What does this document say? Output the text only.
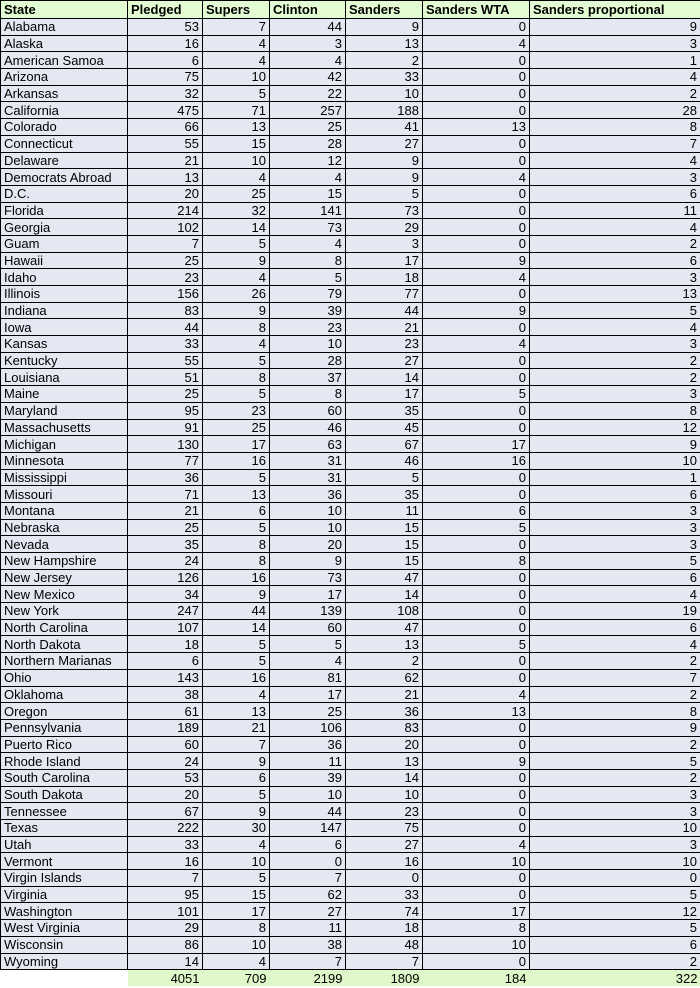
State	Pledged	Supers	Clinton	Sanders	Sanders WTA	Sanders proportional
Alabama	53	7	44	9	0	9
Alaska	16	4	3	13	4	3
American Samoa	6	4	4	2	0	1
Arizona	75	10	42	33	0	4
Arkansas	32	5	22	10	0	2
California	475	71	257	188	0	28
Colorado	66	13	25	41	13	8
Connecticut	55	15	28	27	0	7
Delaware	21	10	12	9	0	4
Democrats Abroad	13	4	4	9	4	3
D.C.	20	25	15	5	0	6
Florida	214	32	141	73	0	11
Georgia	102	14	73	29	0	4
Guam	7	5	4	3	0	2
Hawaii	25	9	8	17	9	6
Idaho	23	4	5	18	4	3
Illinois	156	26	79	77	0	13
Indiana	83	9	39	44	9	5
Iowa	44	8	23	21	0	4
Kansas	33	4	10	23	4	3
Kentucky	55	5	28	27	0	2
Louisiana	51	8	37	14	0	2
Maine	25	5	8	17	5	3
Maryland	95	23	60	35	0	8
Massachusetts	91	25	46	45	0	12
Michigan	130	17	63	67	17	9
Minnesota	77	16	31	46	16	10
Mississippi	36	5	31	5	0	1
Missouri	71	13	36	35	0	6
Montana	21	6	10	11	6	3
Nebraska	25	5	10	15	5	3
Nevada	35	8	20	15	0	3
New Hampshire	24	8	9	15	8	5
New Jersey	126	16	73	47	0	6
New Mexico	34	9	17	14	0	4
New York	247	44	139	108	0	19
North Carolina	107	14	60	47	0	6
North Dakota	18	5	5	13	5	4
Northern Marianas	6	5	4	2	0	2
Ohio	143	16	81	62	0	7
Oklahoma	38	4	17	21	4	2
Oregon	61	13	25	36	13	8
Pennsylvania	189	21	106	83	0	9
Puerto Rico	60	7	36	20	0	2
Rhode Island	24	9	11	13	9	5
South Carolina	53	6	39	14	0	2
South Dakota	20	5	10	10	0	3
Tennessee	67	9	44	23	0	3
Texas	222	30	147	75	0	10
Utah	33	4	6	27	4	3
Vermont	16	10	0	16	10	10
Virgin Islands	7	5	7	0	0	0
Virginia	95	15	62	33	0	5
Washington	101	17	27	74	17	12
West Virginia	29	8	11	18	8	5
Wisconsin	86	10	38	48	10	6
Wyoming	14	4	7	7	0	2
	4051	709	2199	1809	184	322
